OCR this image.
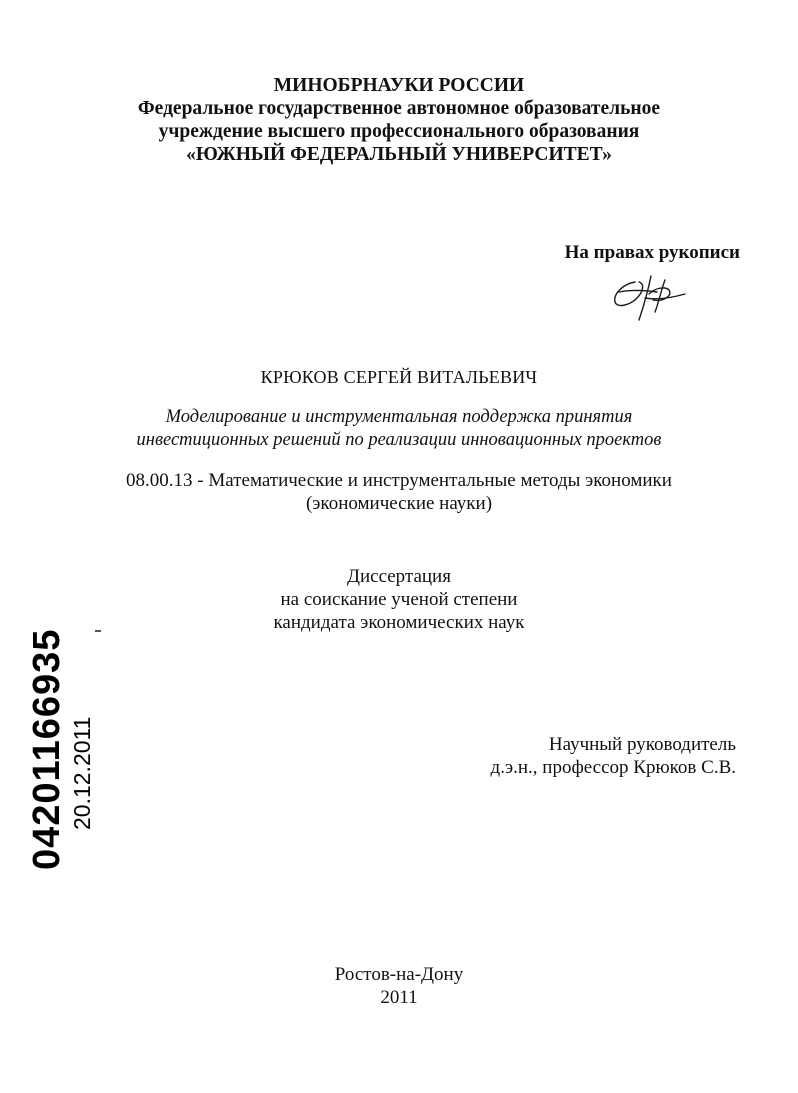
МИНОБРНАУКИ РОССИИ
Федеральное государственное автономное образовательное
учреждение высшего профессионального образования
«ЮЖНЫЙ ФЕДЕРАЛЬНЫЙ УНИВЕРСИТЕТ»
На правах рукописи
КРЮКОВ СЕРГЕЙ ВИТАЛЬЕВИЧ
Моделирование и инструментальная поддержка принятия
инвестиционных решений по реализации инновационных проектов
08.00.13 - Математические и инструментальные методы экономики
(экономические науки)
Диссертация
на соискание ученой степени
кандидата экономических наук
04201166935 20.12.2011	Научный руководитель
д.э.н., профессор Крюков С.В.
Ростов-на-Дону
2011
